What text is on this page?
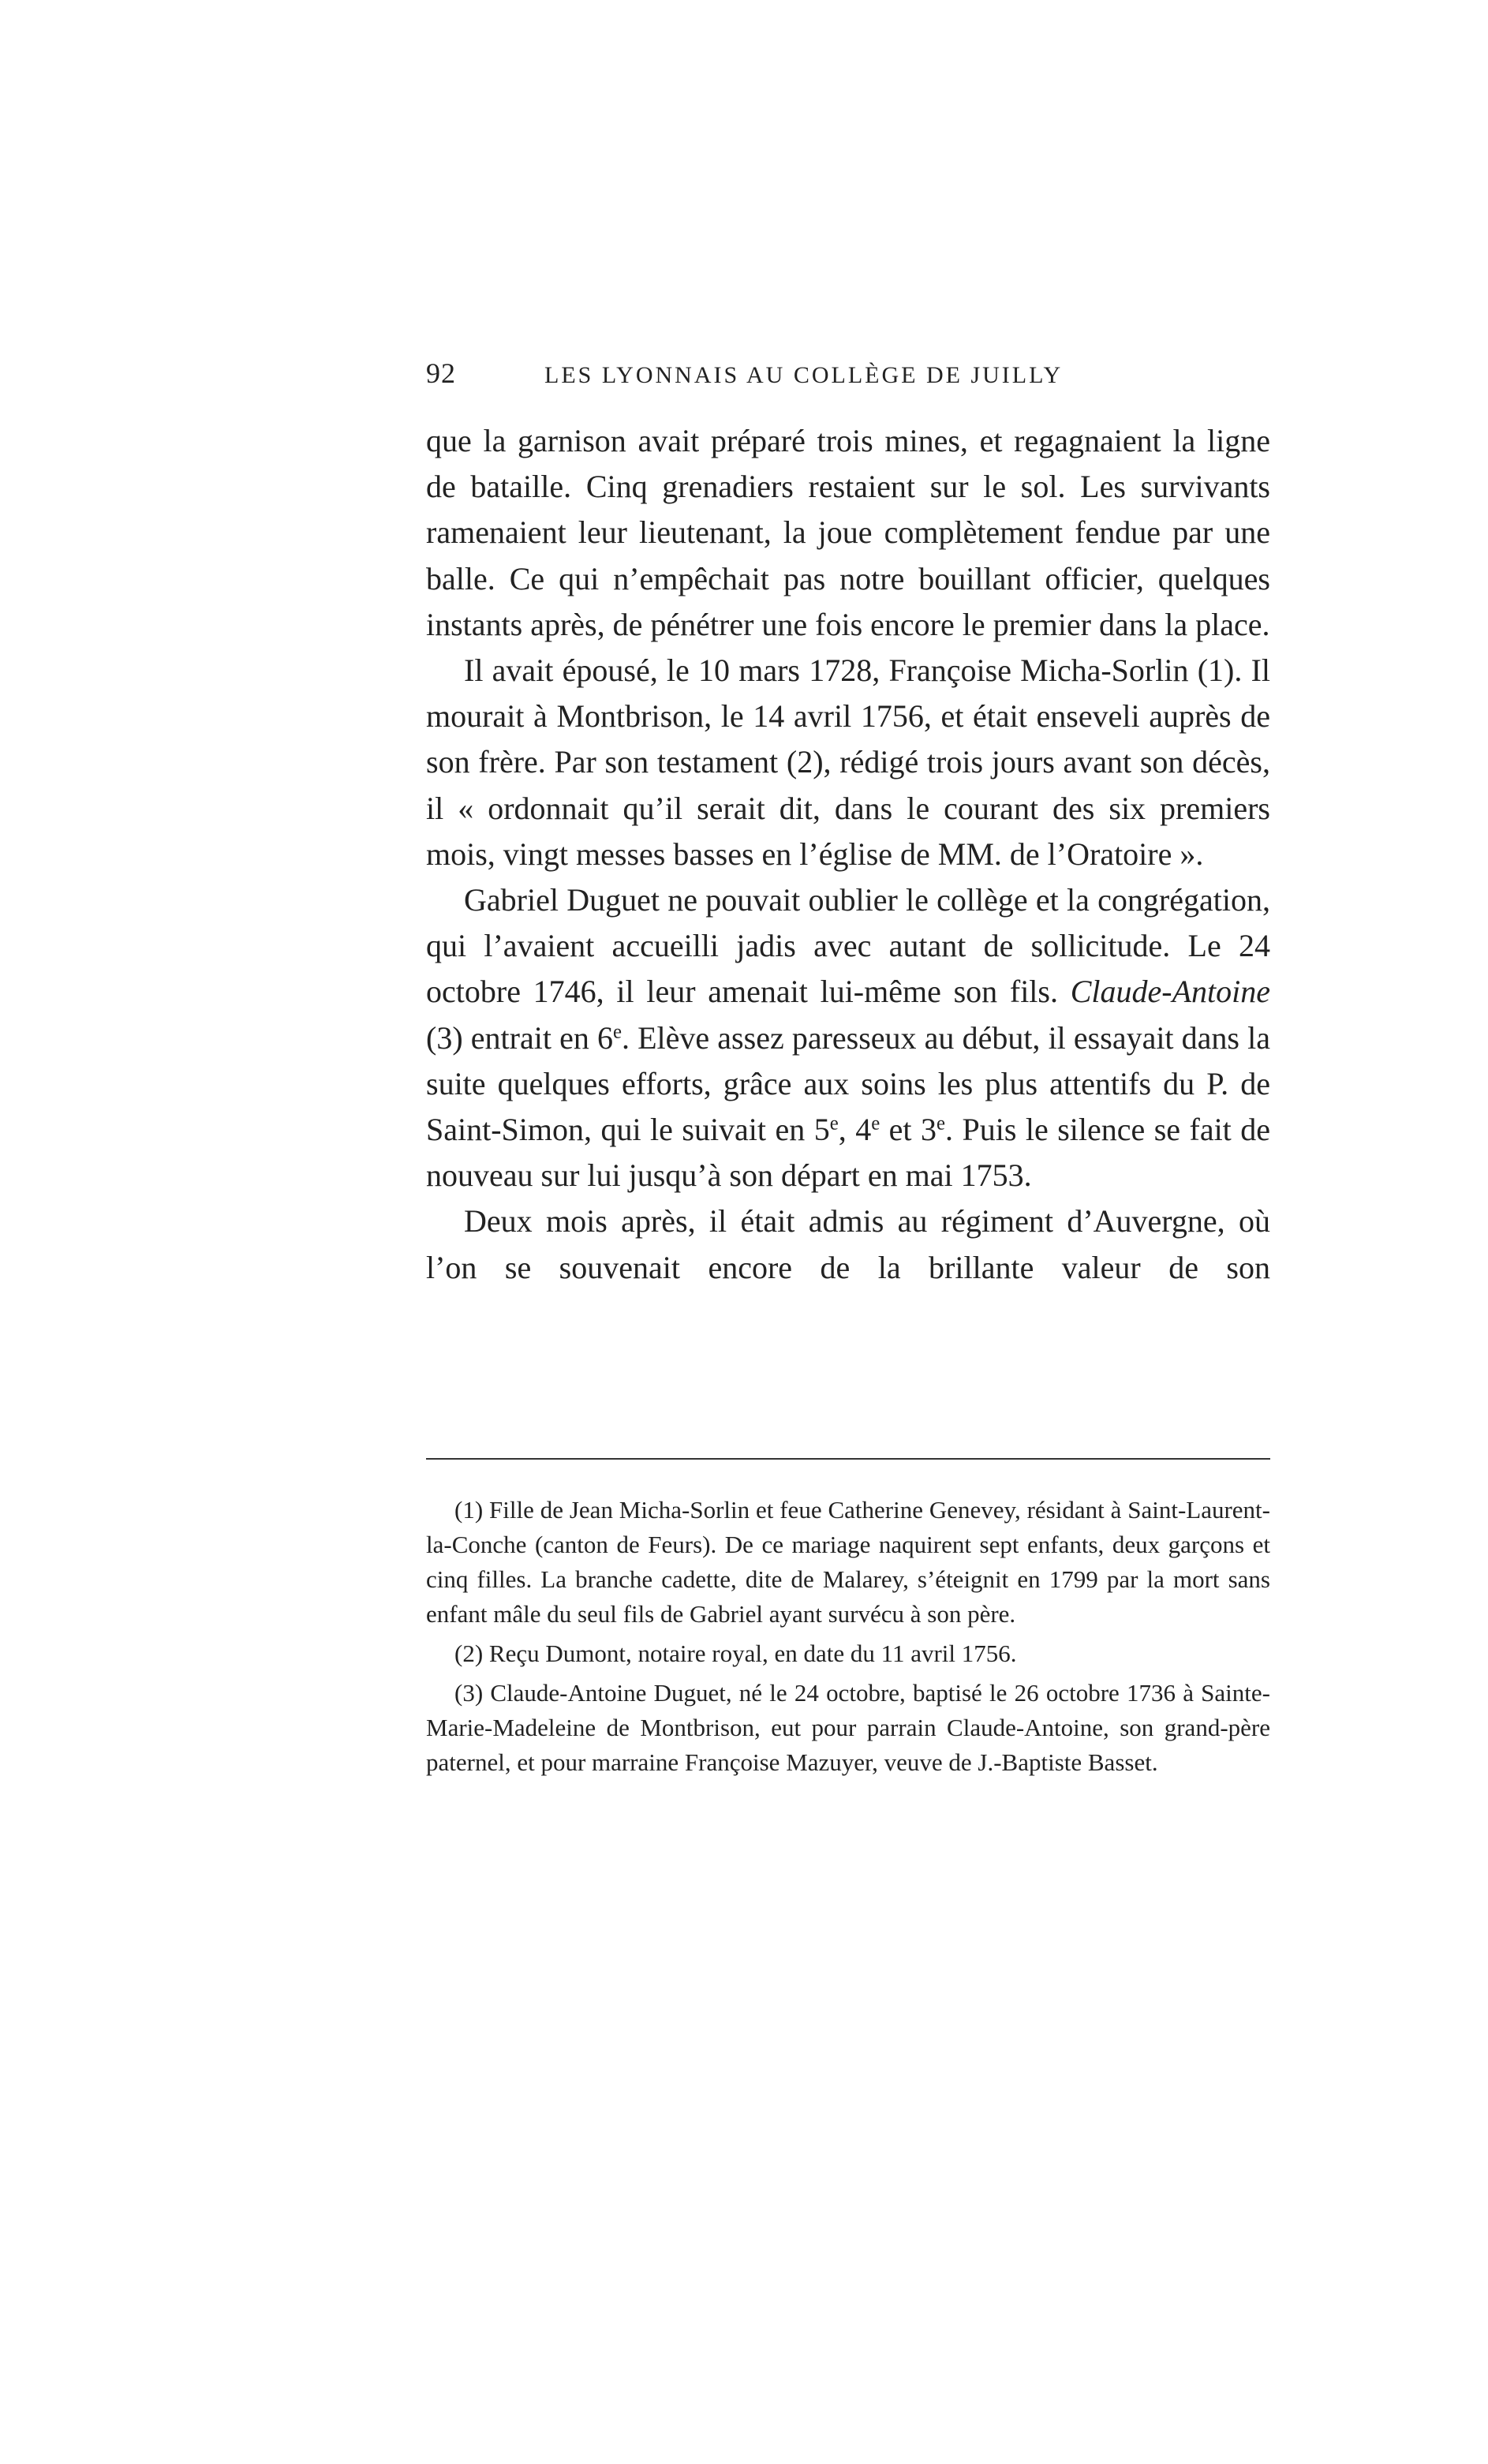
92	LES LYONNAIS AU COLLÈGE DE JUILLY

que la garnison avait préparé trois mines, et regagnaient la ligne de bataille. Cinq grenadiers restaient sur le sol. Les survivants ramenaient leur lieutenant, la joue complètement fendue par une balle. Ce qui n’empêchait pas notre bouillant officier, quelques instants après, de pénétrer une fois encore le premier dans la place.

Il avait épousé, le 10 mars 1728, Françoise Micha-Sorlin (1). Il mourait à Montbrison, le 14 avril 1756, et était enseveli auprès de son frère. Par son testament (2), rédigé trois jours avant son décès, il « ordonnait qu’il serait dit, dans le courant des six premiers mois, vingt messes basses en l’église de MM. de l’Oratoire ».

Gabriel Duguet ne pouvait oublier le collège et la congrégation, qui l’avaient accueilli jadis avec autant de sollicitude. Le 24 octobre 1746, il leur amenait lui-même son fils. Claude-Antoine (3) entrait en 6e. Elève assez paresseux au début, il essayait dans la suite quelques efforts, grâce aux soins les plus attentifs du P. de Saint-Simon, qui le suivait en 5e, 4e et 3e. Puis le silence se fait de nouveau sur lui jusqu’à son départ en mai 1753.

Deux mois après, il était admis au régiment d’Auvergne, où l’on se souvenait encore de la brillante valeur de son

(1) Fille de Jean Micha-Sorlin et feue Catherine Genevey, résidant à Saint-Laurent-la-Conche (canton de Feurs). De ce mariage naquirent sept enfants, deux garçons et cinq filles. La branche cadette, dite de Malarey, s’éteignit en 1799 par la mort sans enfant mâle du seul fils de Gabriel ayant survécu à son père.

(2) Reçu Dumont, notaire royal, en date du 11 avril 1756.

(3) Claude-Antoine Duguet, né le 24 octobre, baptisé le 26 octobre 1736 à Sainte-Marie-Madeleine de Montbrison, eut pour parrain Claude-Antoine, son grand-père paternel, et pour marraine Françoise Mazuyer, veuve de J.-Baptiste Basset.
